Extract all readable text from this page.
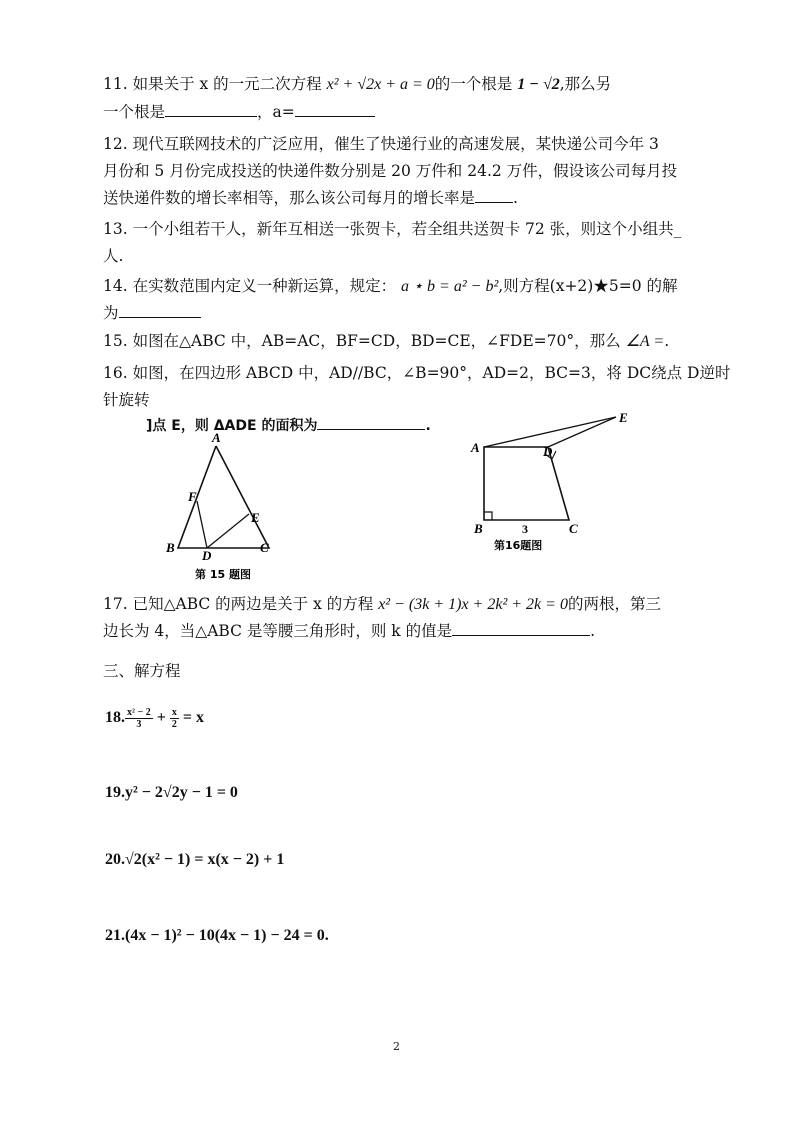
11. 如果关于 x 的一元二次方程 x² + √2x + a = 0的一个根是 1 − √2,那么另
一个根是	，a=
12. 现代互联网技术的广泛应用，催生了快递行业的高速发展，某快递公司今年 3
月份和 5 月份完成投送的快递件数分别是 20 万件和 24.2 万件，假设该公司每月投
送快递件数的增长率相等，那么该公司每月的增长率是 .
13. 一个小组若干人，新年互相送一张贺卡，若全组共送贺卡 72 张，则这个小组共_
人.
14. 在实数范围内定义一种新运算，规定： a ⋆ b = a² − b²,则方程(x+2)★5=0 的解
为
15. 如图在△ABC 中，AB=AC，BF=CD，BD=CE，∠FDE=70°，那么 ∠A =.
16. 如图，在四边形 ABCD 中，AD//BC，∠B=90°，AD=2，BC=3，将 DC绕点 D逆时
针旋转
]点 E，则 ΔADE 的面积为	.
A
F
E
B
D
C
第 15 题图
A	D
E
B	C
3
第16题图
17. 已知△ABC 的两边是关于 x 的方程 x² − (3k + 1)x + 2k² + 2k = 0的两根，第三
边长为 4，当△ABC 是等腰三角形时，则 k 的值是	.
三、解方程
18. $\frac{\text{x² − 2}}{3} + \frac{x}{2} = x$
19.y² − 2√2y − 1 = 0
20.√2(x² − 1) = x(x − 2) + 1
21.(4x − 1)² − 10(4x − 1) − 24 = 0.
2
